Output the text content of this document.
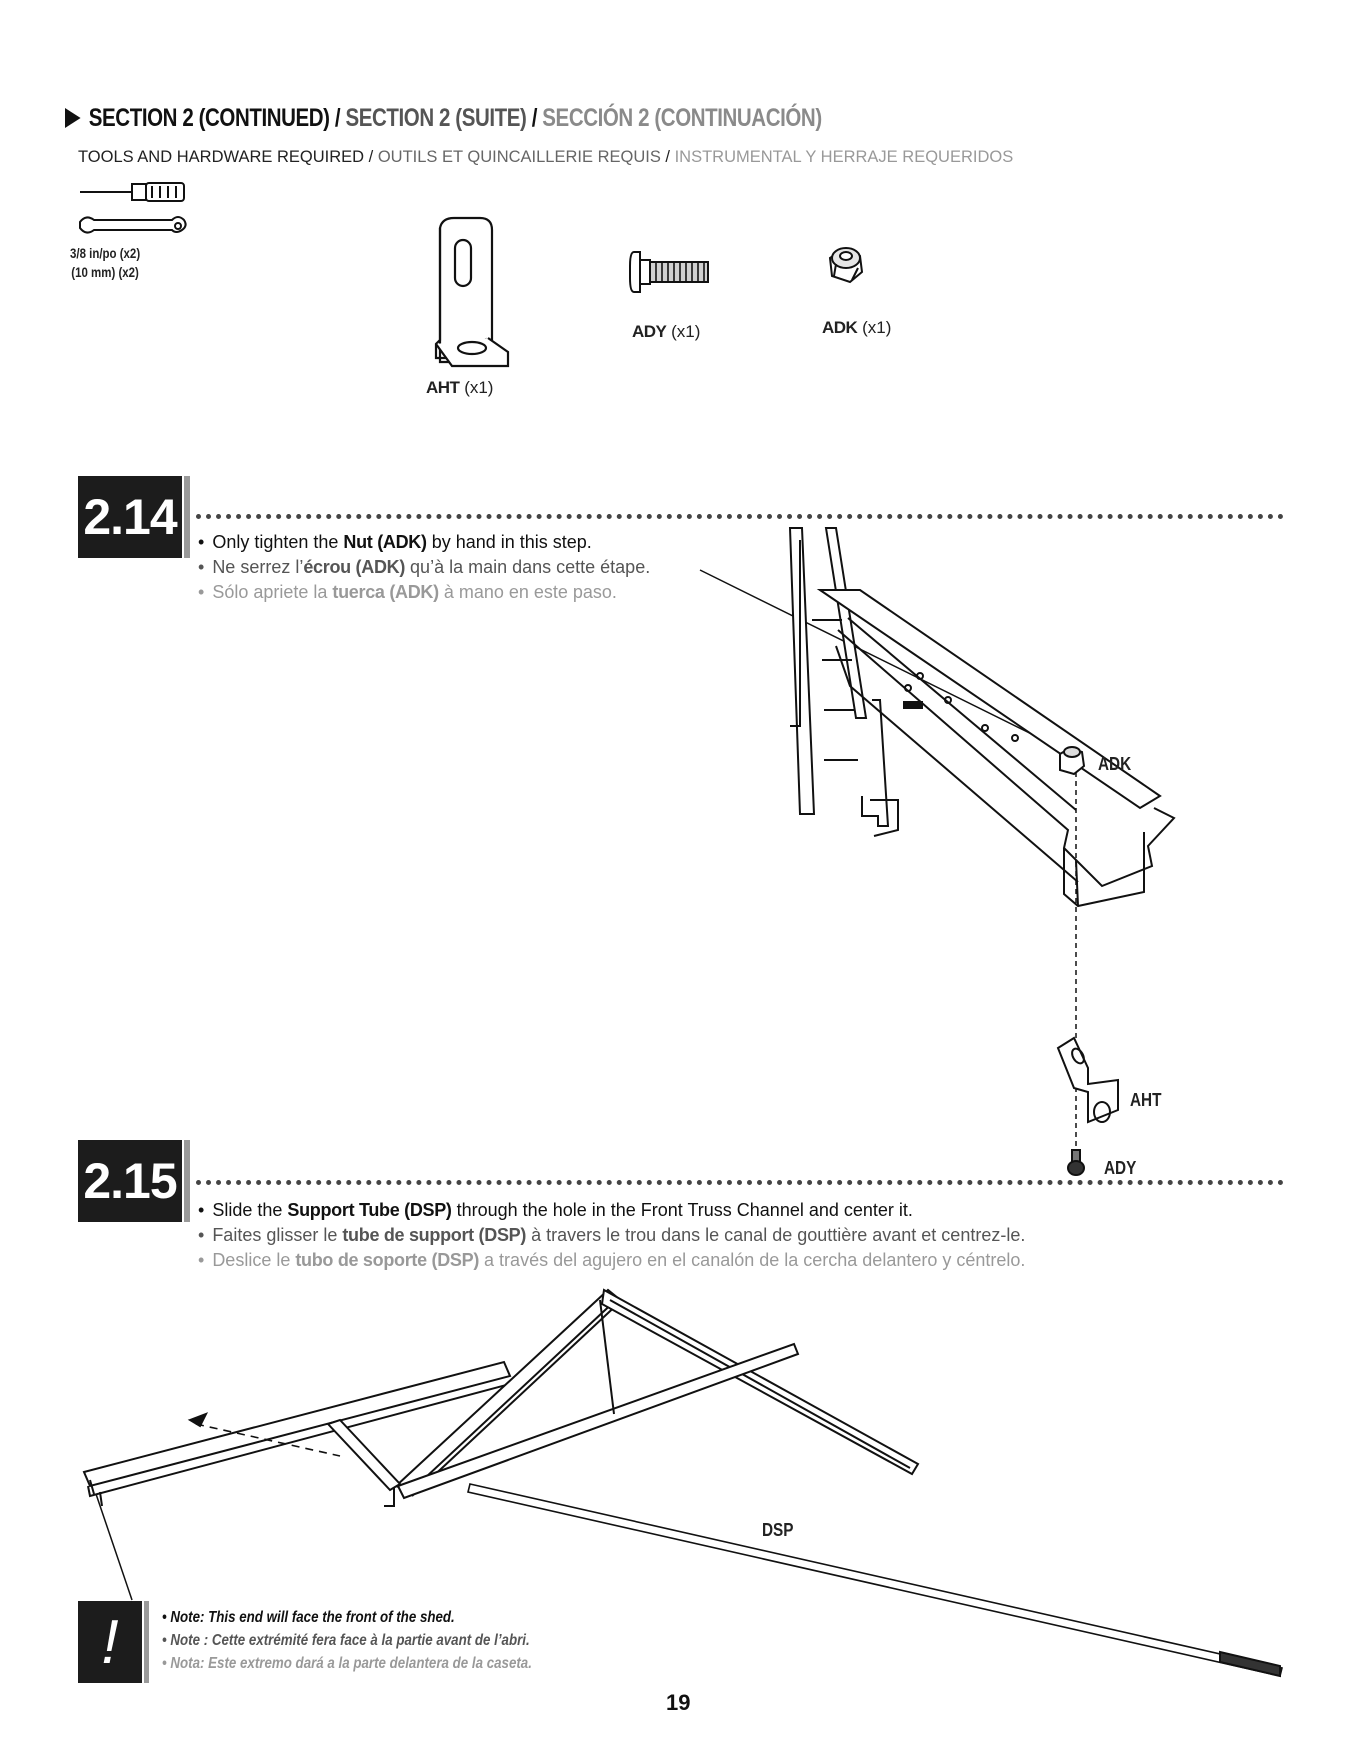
SECTION 2 (CONTINUED) / SECTION 2 (SUITE) / SECCIÓN 2 (CONTINUACIÓN)
TOOLS AND HARDWARE REQUIRED / OUTILS ET QUINCAILLERIE REQUIS / INSTRUMENTAL Y HERRAJE REQUERIDOS
3/8 in/po (x2)
(10 mm) (x2)
AHT (x1)
ADY (x1)	ADK (x1)
2.14	• Only tighten the Nut (ADK) by hand in this step.
• Ne serrez l’écrou (ADK) qu’à la main dans cette étape.
• Sólo apriete la tuerca (ADK) à mano en este paso.
ADK
AHT
ADY
2.15
• Slide the Support Tube (DSP) through the hole in the Front Truss Channel and center it.
• Faites glisser le tube de support (DSP) à travers le trou dans le canal de gouttière avant et centrez-le.
• Deslice le tubo de soporte (DSP) a través del agujero en el canalón de la cercha delantero y céntrelo.
DSP
!	• Note: This end will face the front of the shed.
• Note : Cette extrémité fera face à la partie avant de l’abri.
• Nota: Este extremo dará a la parte delantera de la caseta.
19
